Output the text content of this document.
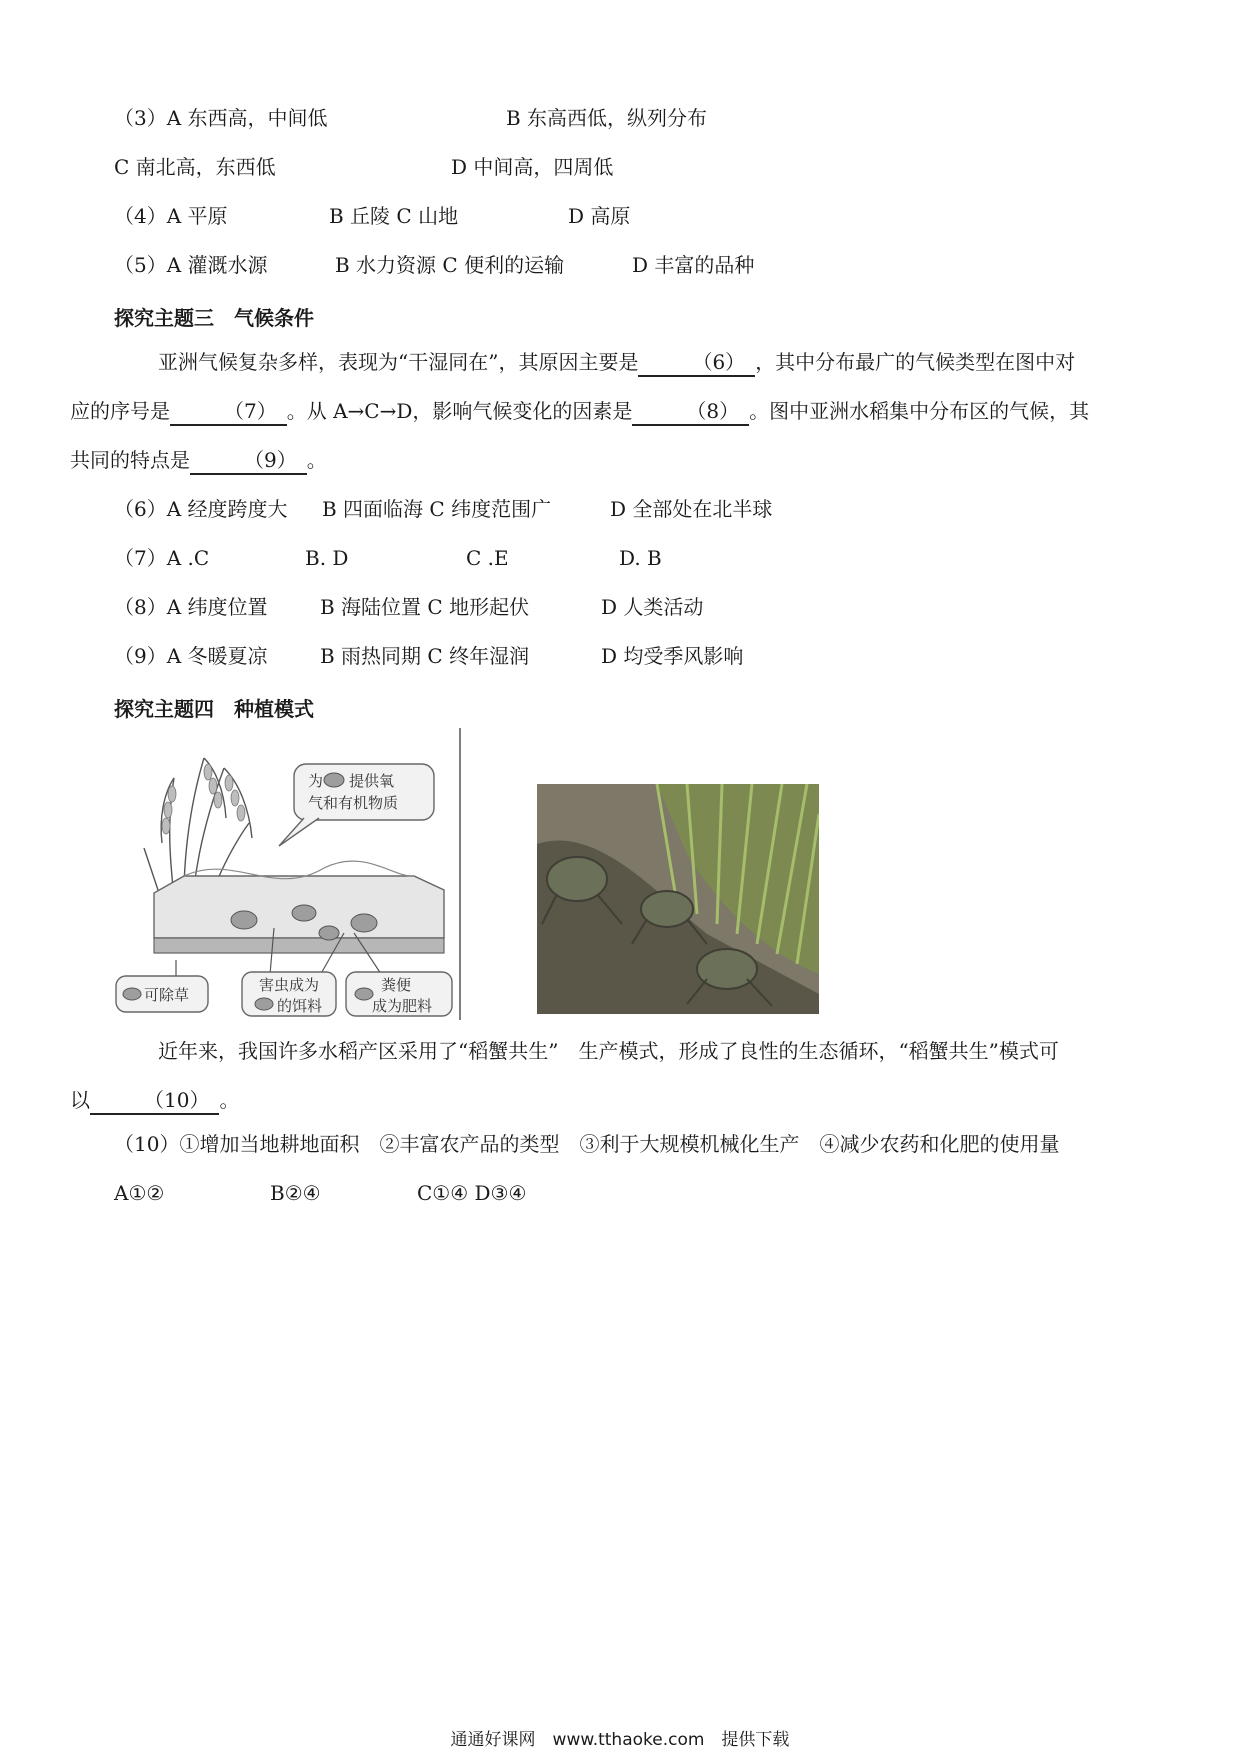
（3）A 东西高，中间低	B 东高西低，纵列分布
C 南北高，东西低	D 中间高，四周低
（4）A 平原	B 丘陵 C 山地	D 高原
（5）A 灌溉水源	B 水力资源 C 便利的运输	D 丰富的品种
探究主题三　气候条件
亚洲气候复杂多样，表现为“干湿同在”，其原因主要是	（6） ，其中分布最广的气候类型在图中对
应的序号是	（7） 。从 A→C→D，影响气候变化的因素是	（8） 。图中亚洲水稻集中分布区的气候，其
共同的特点是	（9） 。
（6）A 经度跨度大 B 四面临海 C 纬度范围广	D 全部处在北半球
（7）A .C	B. D	C .E	D. B
（8）A 纬度位置	B 海陆位置 C 地形起伏	D 人类活动
（9）A 冬暖夏凉	B 雨热同期 C 终年湿润	D 均受季风影响
探究主题四　种植模式
为 提供氧
气和有机物质
可除草
害虫成为
的饵料
粪便
成为肥料
近年来，我国许多水稻产区采用了“稻蟹共生”　生产模式，形成了良性的生态循环，“稻蟹共生”模式可
以	（10） 。
（10）①增加当地耕地面积　②丰富农产品的类型　③利于大规模机械化生产　④减少农药和化肥的使用量
A①②	B②④	C①④ D③④
通通好课网　www.tthaoke.com　提供下载
